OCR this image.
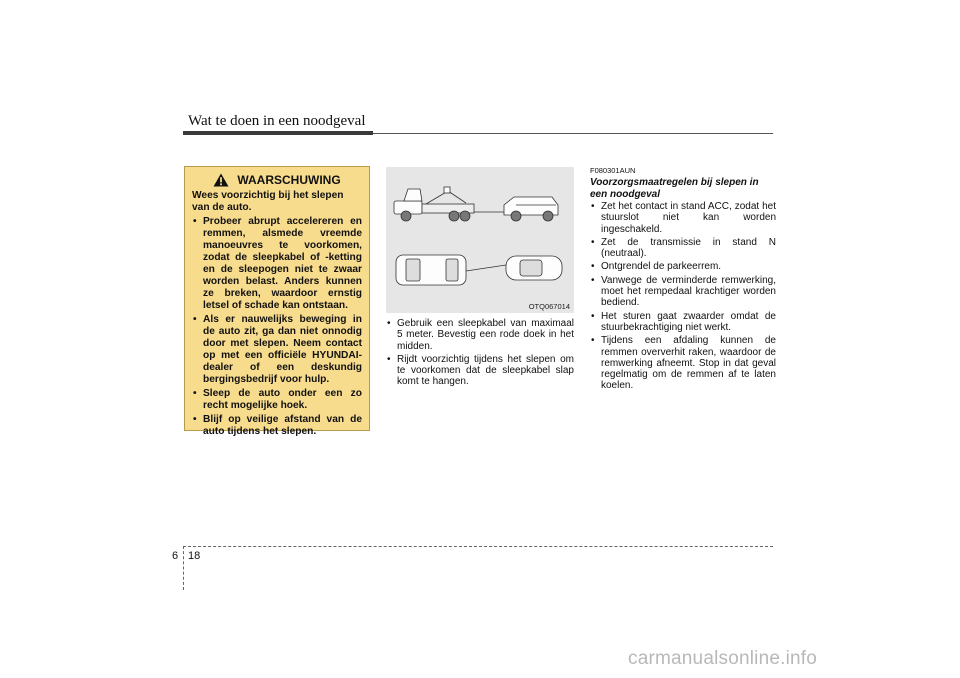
Wat te doen in een noodgeval
WAARSCHUWING

Wees voorzichtig bij het slepen van de auto.

• Probeer abrupt accelereren en remmen, alsmede vreemde manoeuvres te voorkomen, zodat de sleepkabel of -ketting en de sleepogen niet te zwaar worden belast. Anders kunnen ze breken, waardoor ernstig letsel of schade kan ontstaan.
• Als er nauwelijks beweging in de auto zit, ga dan niet onnodig door met slepen. Neem contact op met een officiële HYUNDAI-dealer of een deskundig bergingsbedrijf voor hulp.
• Sleep de auto onder een zo recht mogelijke hoek.
• Blijf op veilige afstand van de auto tijdens het slepen.
OTQ067014
• Gebruik een sleepkabel van maximaal 5 meter. Bevestig een rode doek in het midden.
• Rijdt voorzichtig tijdens het slepen om te voorkomen dat de sleepkabel slap komt te hangen.
F080301AUN
Voorzorgsmaatregelen bij slepen in een noodgeval
• Zet het contact in stand ACC, zodat het stuurslot niet kan worden ingeschakeld.
• Zet de transmissie in stand N (neutraal).
• Ontgrendel de parkeerrem.
• Vanwege de verminderde remwerking, moet het rempedaal krachtiger worden bediend.
• Het sturen gaat zwaarder omdat de stuurbekrachtiging niet werkt.
• Tijdens een afdaling kunnen de remmen oververhit raken, waardoor de remwerking afneemt. Stop in dat geval regelmatig om de remmen af te laten koelen.
6 18
carmanualsonline.info
